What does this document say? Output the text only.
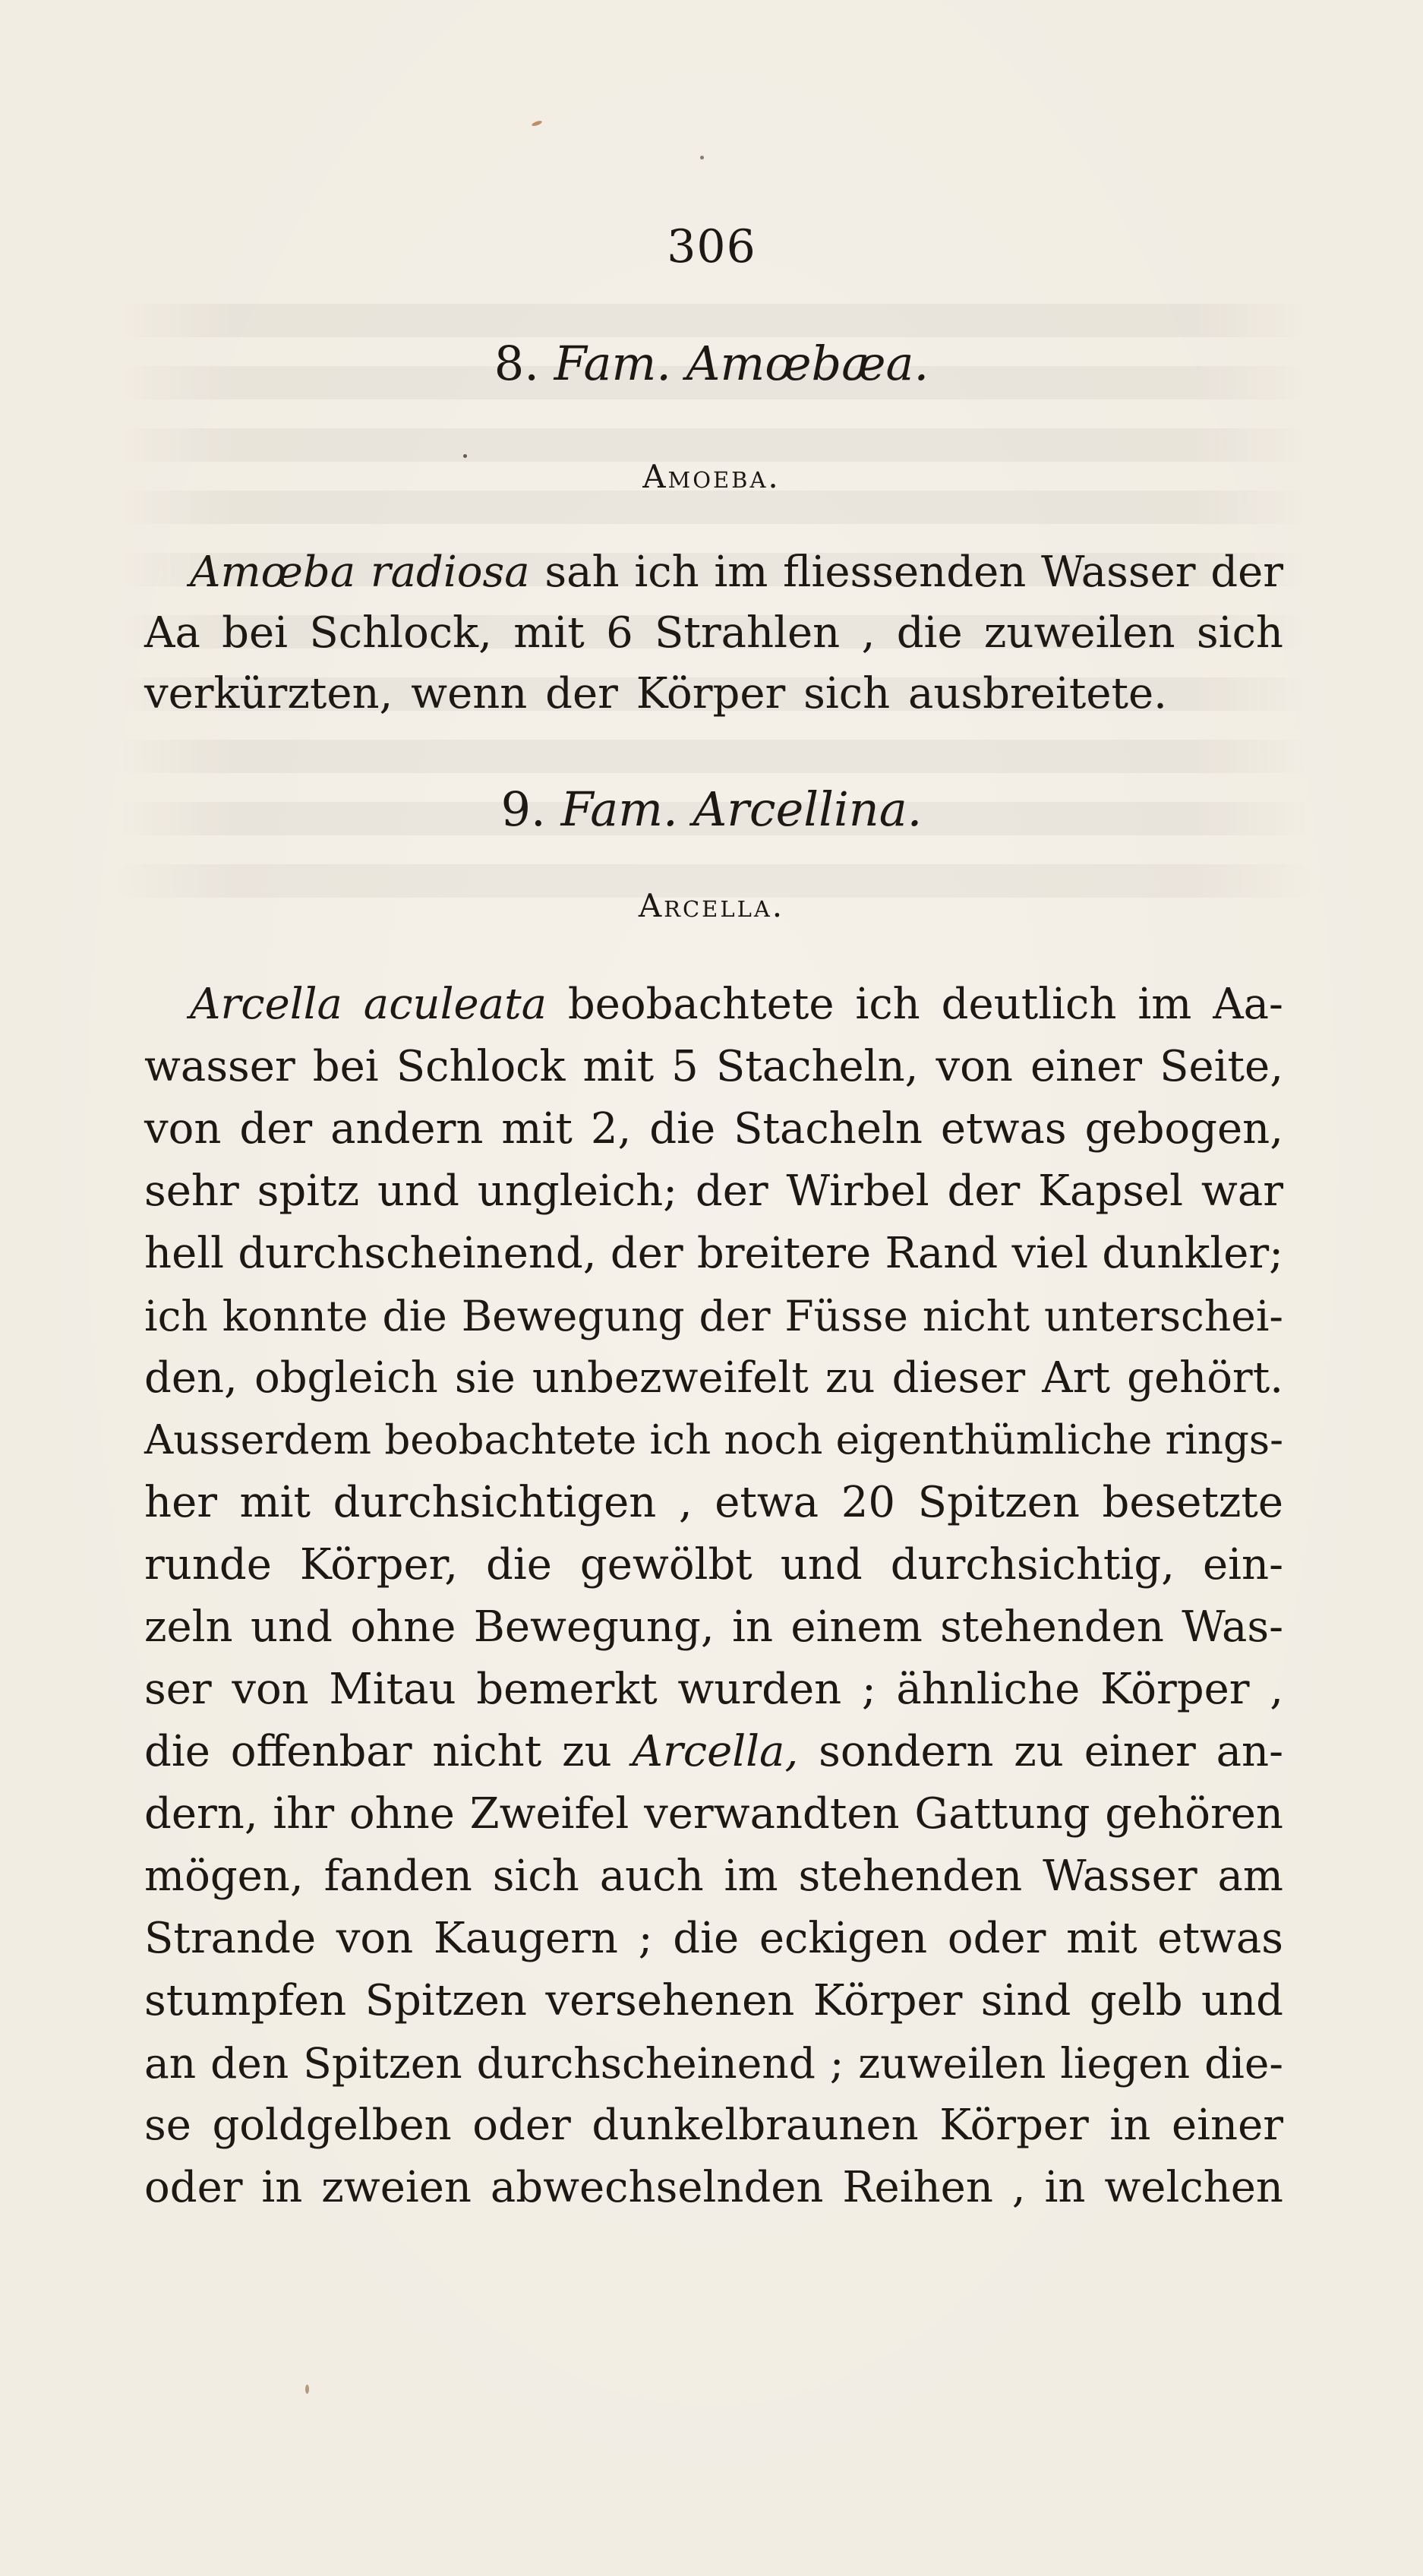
306
8. Fam. Amœbæa.
Amoeba.
Amœba radiosa sah ich im fliessenden Wasser der
Aa bei Schlock, mit 6 Strahlen , die zuweilen sich
verkürzten, wenn der Körper sich ausbreitete.
9. Fam. Arcellina.
Arcella.
Arcella aculeata beobachtete ich deutlich im Aa-
wasser bei Schlock mit 5 Stacheln, von einer Seite,
von der andern mit 2, die Stacheln etwas gebogen,
sehr spitz und ungleich; der Wirbel der Kapsel war
hell durchscheinend, der breitere Rand viel dunkler;
ich konnte die Bewegung der Füsse nicht unterschei-
den, obgleich sie unbezweifelt zu dieser Art gehört.
Ausserdem beobachtete ich noch eigenthümliche rings-
her mit durchsichtigen , etwa 20 Spitzen besetzte
runde Körper, die gewölbt und durchsichtig, ein-
zeln und ohne Bewegung, in einem stehenden Was-
ser von Mitau bemerkt wurden ; ähnliche Körper ,
die offenbar nicht zu Arcella, sondern zu einer an-
dern, ihr ohne Zweifel verwandten Gattung gehören
mögen, fanden sich auch im stehenden Wasser am
Strande von Kaugern ; die eckigen oder mit etwas
stumpfen Spitzen versehenen Körper sind gelb und
an den Spitzen durchscheinend ; zuweilen liegen die-
se goldgelben oder dunkelbraunen Körper in einer
oder in zweien abwechselnden Reihen , in welchen
